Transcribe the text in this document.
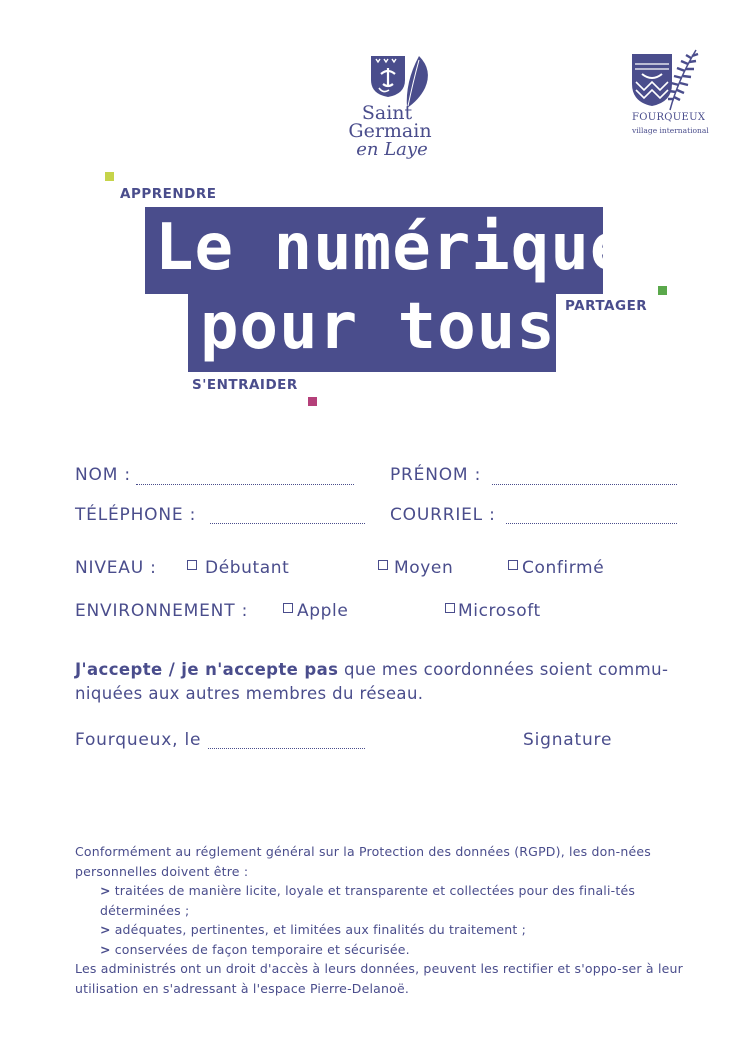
Saint
Germain
en Laye
FOURQUEUX
village international
APPRENDRE
Le numérique
pour tous PARTAGER
S'ENTRAIDER
NOM :	PRÉNOM :
TÉLÉPHONE :	COURRIEL :
NIVEAU :	Débutant	Moyen	Confirmé
ENVIRONNEMENT :	Apple	Microsoft
J'accepte / je n'accepte pas que mes coordonnées soient commu-niquées aux autres membres du réseau.
Fourqueux, le	Signature

Conformément au réglement général sur la Protection des données (RGPD), les don-nées personnelles doivent être :

> traitées de manière licite, loyale et transparente et collectées pour des finali-tés déterminées ;

> adéquates, pertinentes, et limitées aux finalités du traitement ;

> conservées de façon temporaire et sécurisée.

Les administrés ont un droit d'accès à leurs données, peuvent les rectifier et s'oppo-ser à leur utilisation en s'adressant à l'espace Pierre-Delanoë.
